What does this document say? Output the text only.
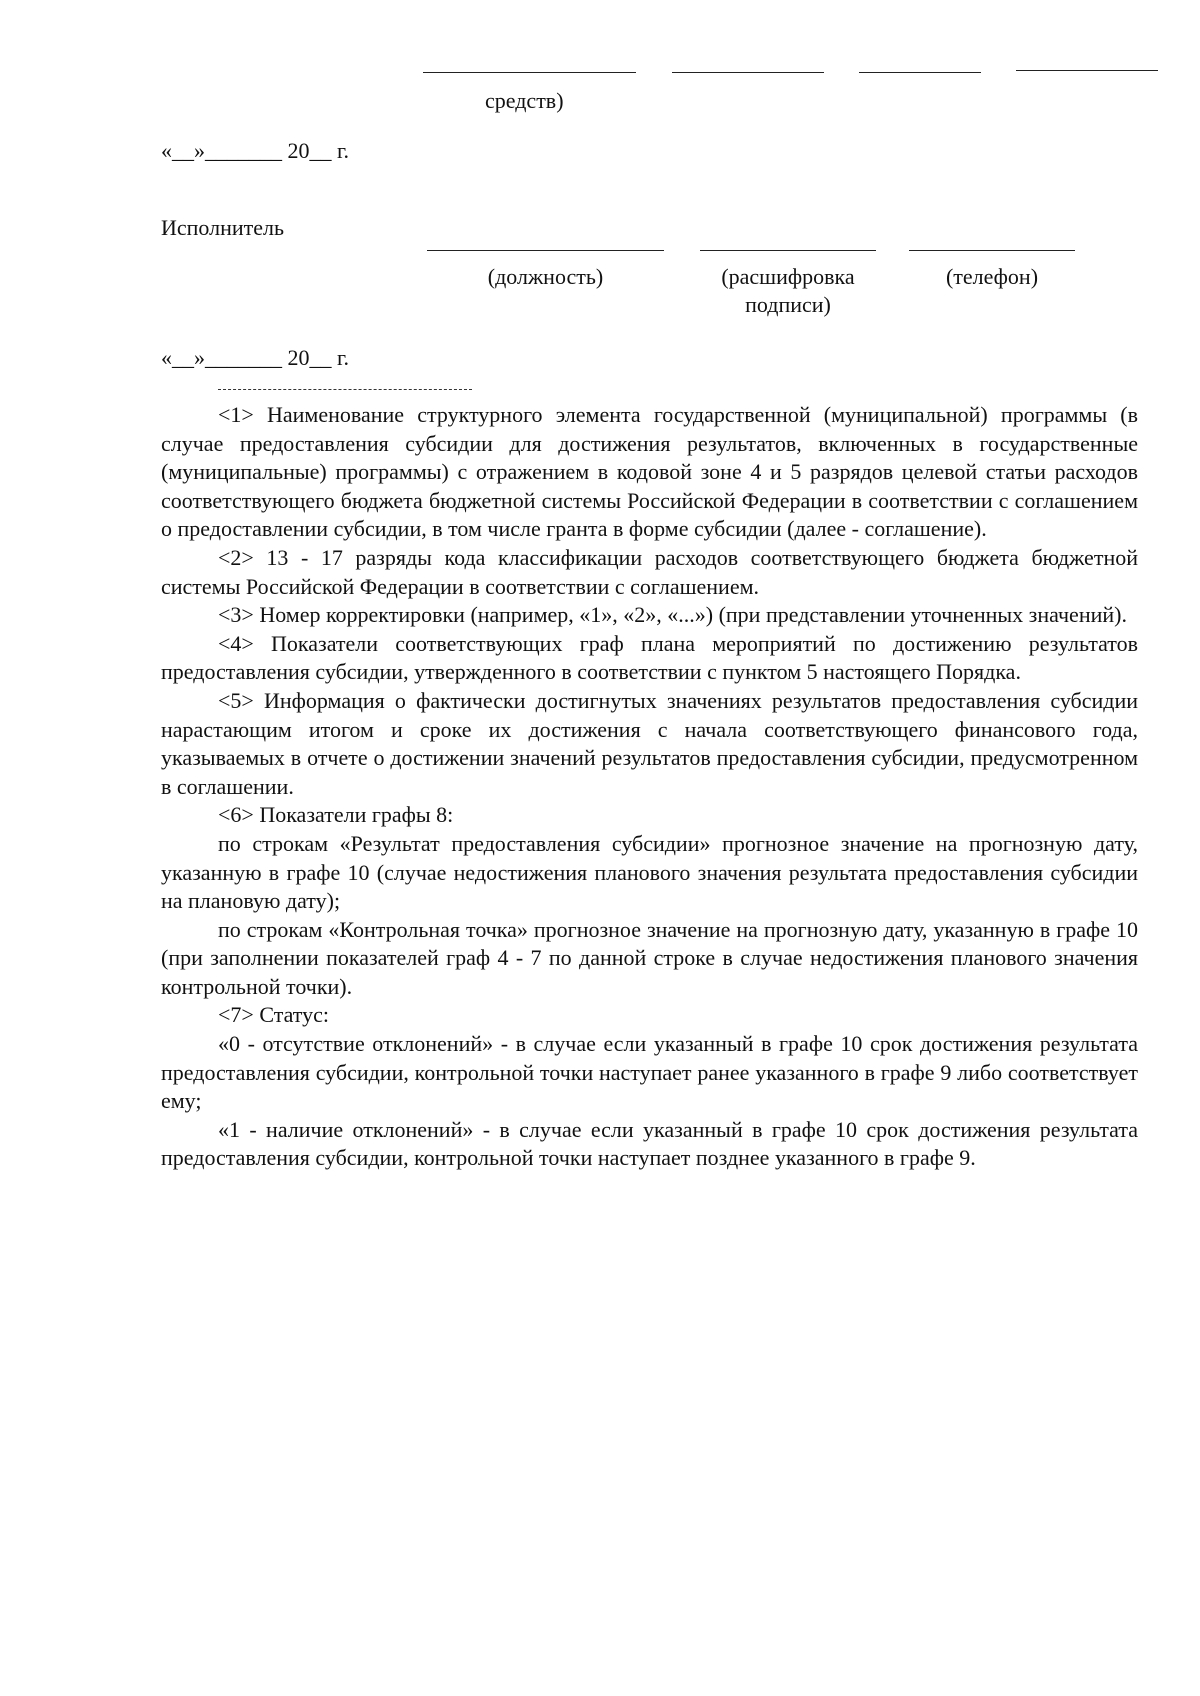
средств)
«__»_______ 20__ г.
Исполнитель
(должность)	(расшифровка
подписи)
(телефон)
«__»_______ 20__ г.

<1> Наименование структурного элемента государственной (муниципальной) программы (в случае предоставления субсидии для достижения результатов, включенных в государственные (муниципальные) программы) с отражением в кодовой зоне 4 и 5 разрядов целевой статьи расходов соответствующего бюджета бюджетной системы Российской Федерации в соответствии с соглашением о предоставлении субсидии, в том числе гранта в форме субсидии (далее - соглашение).

<2> 13 - 17 разряды кода классификации расходов соответствующего бюджета бюджетной системы Российской Федерации в соответствии с соглашением.

<3> Номер корректировки (например, «1», «2», «...») (при представлении уточненных значений).

<4> Показатели соответствующих граф плана мероприятий по достижению результатов предоставления субсидии, утвержденного в соответствии с пунктом 5 настоящего Порядка.

<5> Информация о фактически достигнутых значениях результатов предоставления субсидии нарастающим итогом и сроке их достижения с начала соответствующего финансового года, указываемых в отчете о достижении значений результатов предоставления субсидии, предусмотренном в соглашении.

<6> Показатели графы 8:

по строкам «Результат предоставления субсидии» прогнозное значение на прогнозную дату, указанную в графе 10 (случае недостижения планового значения результата предоставления субсидии на плановую дату);

по строкам «Контрольная точка» прогнозное значение на прогнозную дату, указанную в графе 10 (при заполнении показателей граф 4 - 7 по данной строке в случае недостижения планового значения контрольной точки).

<7> Статус:

«0 - отсутствие отклонений» - в случае если указанный в графе 10 срок достижения результата предоставления субсидии, контрольной точки наступает ранее указанного в графе 9 либо соответствует ему;

«1 - наличие отклонений» - в случае если указанный в графе 10 срок достижения результата предоставления субсидии, контрольной точки наступает позднее указанного в графе 9.
